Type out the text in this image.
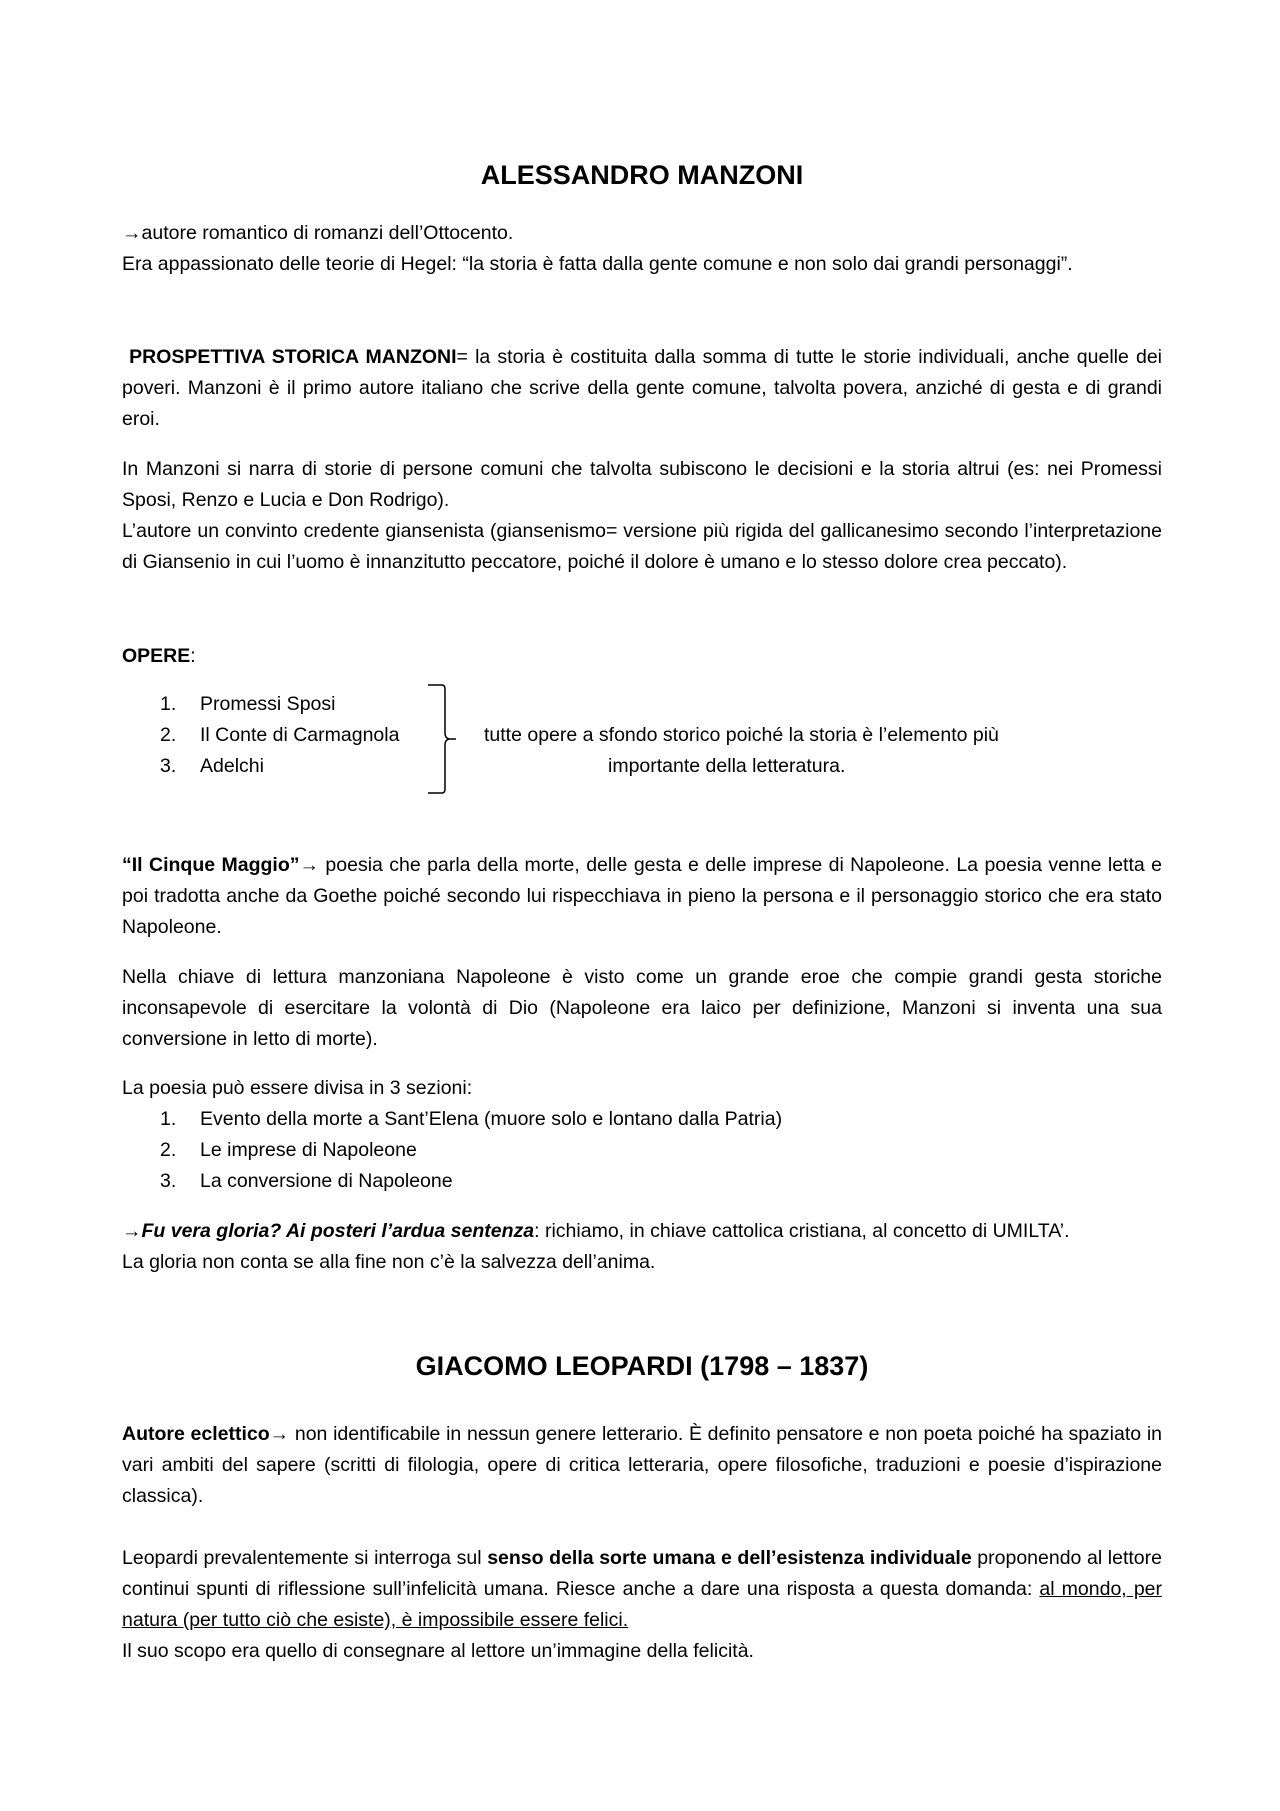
ALESSANDRO MANZONI

→autore romantico di romanzi dell’Ottocento.

Era appassionato delle teorie di Hegel: “la storia è fatta dalla gente comune e non solo dai grandi personaggi”.

PROSPETTIVA STORICA MANZONI= la storia è costituita dalla somma di tutte le storie individuali, anche quelle dei poveri. Manzoni è il primo autore italiano che scrive della gente comune, talvolta povera, anziché di gesta e di grandi eroi.

In Manzoni si narra di storie di persone comuni che talvolta subiscono le decisioni e la storia altrui (es: nei Promessi Sposi, Renzo e Lucia e Don Rodrigo).

L’autore un convinto credente giansenista (giansenismo= versione più rigida del gallicanesimo secondo l’interpretazione di Giansenio in cui l’uomo è innanzitutto peccatore, poiché il dolore è umano e lo stesso dolore crea peccato).

OPERE:

1. Promessi Sposi
2. Il Conte di Carmagnola
3. Adelchi
tutte opere a sfondo storico poiché la storia è l’elemento più
importante della letteratura.

“Il Cinque Maggio”→ poesia che parla della morte, delle gesta e delle imprese di Napoleone. La poesia venne letta e poi tradotta anche da Goethe poiché secondo lui rispecchiava in pieno la persona e il personaggio storico che era stato Napoleone.

Nella chiave di lettura manzoniana Napoleone è visto come un grande eroe che compie grandi gesta storiche inconsapevole di esercitare la volontà di Dio (Napoleone era laico per definizione, Manzoni si inventa una sua conversione in letto di morte).

La poesia può essere divisa in 3 sezioni:

1. Evento della morte a Sant’Elena (muore solo e lontano dalla Patria)
2. Le imprese di Napoleone
3. La conversione di Napoleone

→Fu vera gloria? Ai posteri l’ardua sentenza: richiamo, in chiave cattolica cristiana, al concetto di UMILTA’.

La gloria non conta se alla fine non c’è la salvezza dell’anima.

GIACOMO LEOPARDI (1798 – 1837)

Autore eclettico→ non identificabile in nessun genere letterario. È definito pensatore e non poeta poiché ha spaziato in vari ambiti del sapere (scritti di filologia, opere di critica letteraria, opere filosofiche, traduzioni e poesie d’ispirazione classica).

Leopardi prevalentemente si interroga sul senso della sorte umana e dell’esistenza individuale proponendo al lettore continui spunti di riflessione sull’infelicità umana. Riesce anche a dare una risposta a questa domanda: al mondo, per natura (per tutto ciò che esiste), è impossibile essere felici.

Il suo scopo era quello di consegnare al lettore un’immagine della felicità.
